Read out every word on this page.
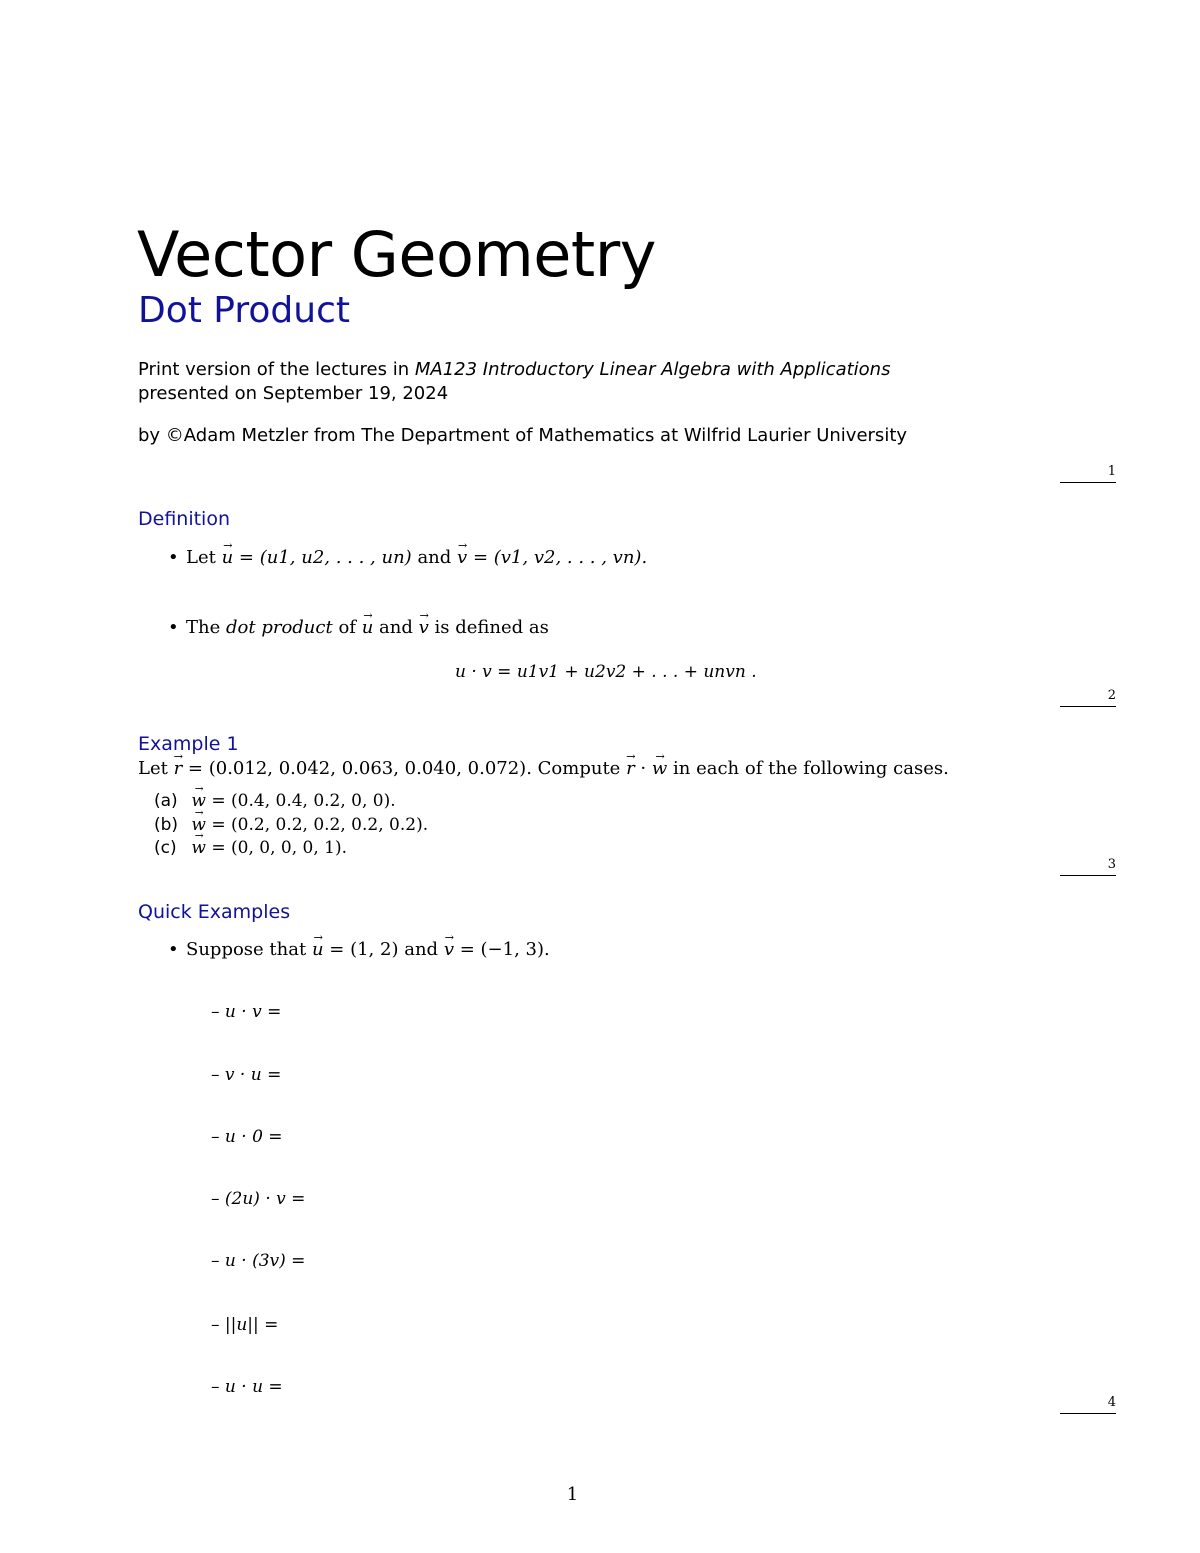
Vector Geometry
Dot Product
Print version of the lectures in MA123 Introductory Linear Algebra with Applications
presented on September 19, 2024
by ©Adam Metzler from The Department of Mathematics at Wilfrid Laurier University
1
Definition
• Let → u = (u1, u2, . . . , un) and → v = (v1, v2, . . . , vn).
• The dot product of → u and → v is defined as
u · v = u1v1 + u2v2 + . . . + unvn .
2
Example 1
Let → r = (0.012, 0.042, 0.063, 0.040, 0.072). Compute → r · → w in each of the following cases.
(a) → w = (0.4, 0.4, 0.2, 0, 0).
(b) → w = (0.2, 0.2, 0.2, 0.2, 0.2).
(c) → w = (0, 0, 0, 0, 1).
3
Quick Examples
• Suppose that → u = (1, 2) and → v = (−1, 3).
– u · v =
– v · u =
– u · 0 =
– (2u) · v =
– u · (3v) =
– ||u|| =
– u · u =
4
1
